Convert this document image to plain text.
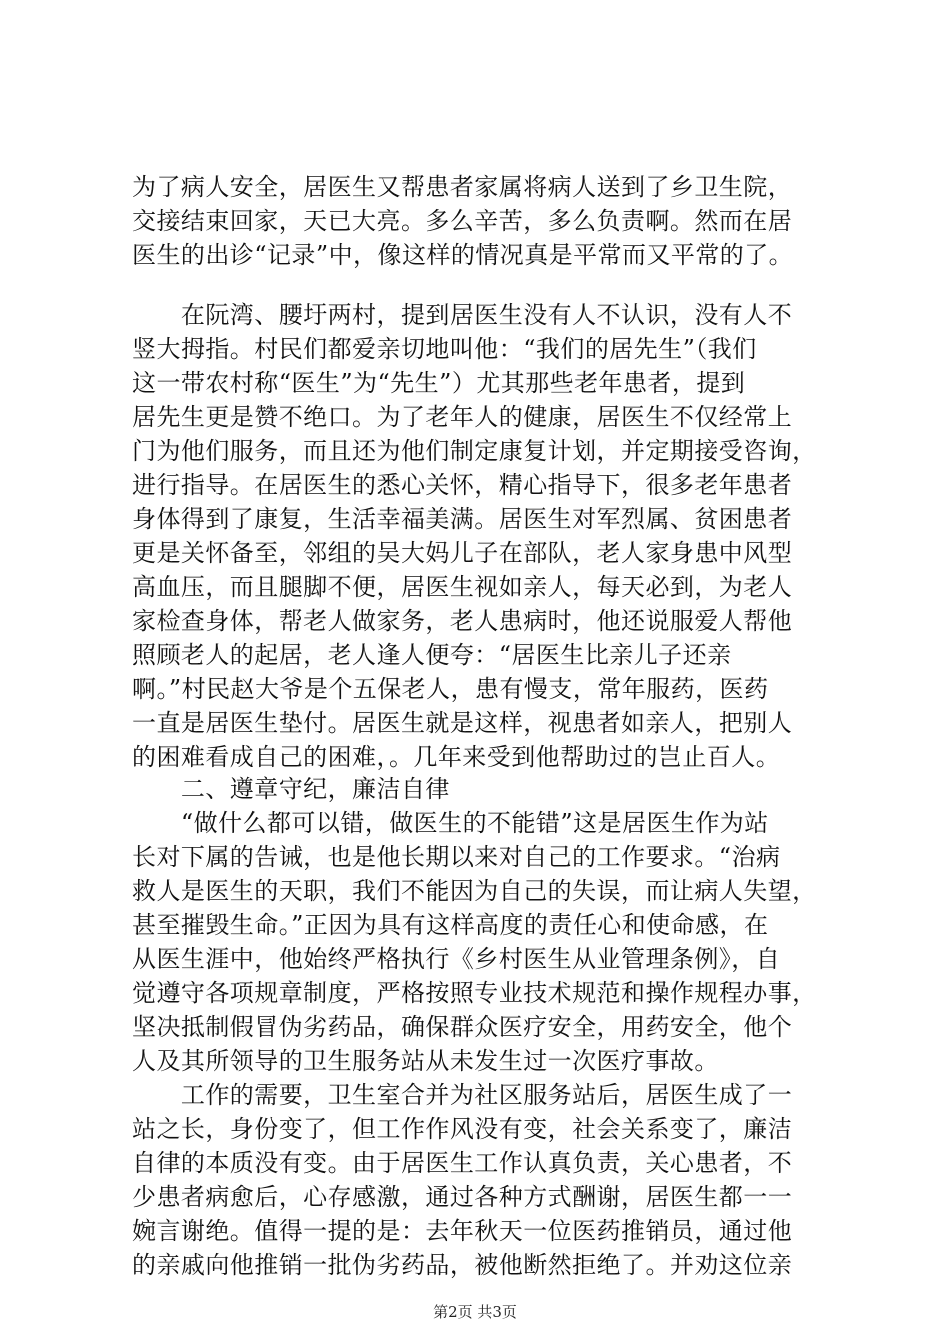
为了病人安全，居医生又帮患者家属将病人送到了乡卫生院，
交接结束回家，天已大亮。多么辛苦，多么负责啊。然而在居
医生的出诊“记录”中，像这样的情况真是平常而又平常的了。
　　在阮湾、腰圩两村，提到居医生没有人不认识，没有人不
竖大拇指。村民们都爱亲切地叫他：“我们的居先生”（我们
这一带农村称“医生”为“先生”）尤其那些老年患者，提到
居先生更是赞不绝口。为了老年人的健康，居医生不仅经常上
门为他们服务，而且还为他们制定康复计划，并定期接受咨询，
进行指导。在居医生的悉心关怀，精心指导下，很多老年患者
身体得到了康复，生活幸福美满。居医生对军烈属、贫困患者
更是关怀备至，邻组的吴大妈儿子在部队，老人家身患中风型
高血压，而且腿脚不便，居医生视如亲人，每天必到，为老人
家检查身体，帮老人做家务，老人患病时，他还说服爱人帮他
照顾老人的起居，老人逢人便夸：“居医生比亲儿子还亲
啊。”村民赵大爷是个五保老人，患有慢支，常年服药，医药
一直是居医生垫付。居医生就是这样，视患者如亲人，把别人
的困难看成自己的困难，。几年来受到他帮助过的岂止百人。
　　二、遵章守纪，廉洁自律
　　“做什么都可以错，做医生的不能错”这是居医生作为站
长对下属的告诫，也是他长期以来对自己的工作要求。“治病
救人是医生的天职，我们不能因为自己的失误，而让病人失望，
甚至摧毁生命。”正因为具有这样高度的责任心和使命感，在
从医生涯中，他始终严格执行《乡村医生从业管理条例》，自
觉遵守各项规章制度，严格按照专业技术规范和操作规程办事，
坚决抵制假冒伪劣药品，确保群众医疗安全，用药安全，他个
人及其所领导的卫生服务站从未发生过一次医疗事故。
　　工作的需要，卫生室合并为社区服务站后，居医生成了一
站之长，身份变了，但工作作风没有变，社会关系变了，廉洁
自律的本质没有变。由于居医生工作认真负责，关心患者，不
少患者病愈后，心存感激，通过各种方式酬谢，居医生都一一
婉言谢绝。值得一提的是：去年秋天一位医药推销员，通过他
的亲戚向他推销一批伪劣药品，被他断然拒绝了。并劝这位亲
第2页 共3页
